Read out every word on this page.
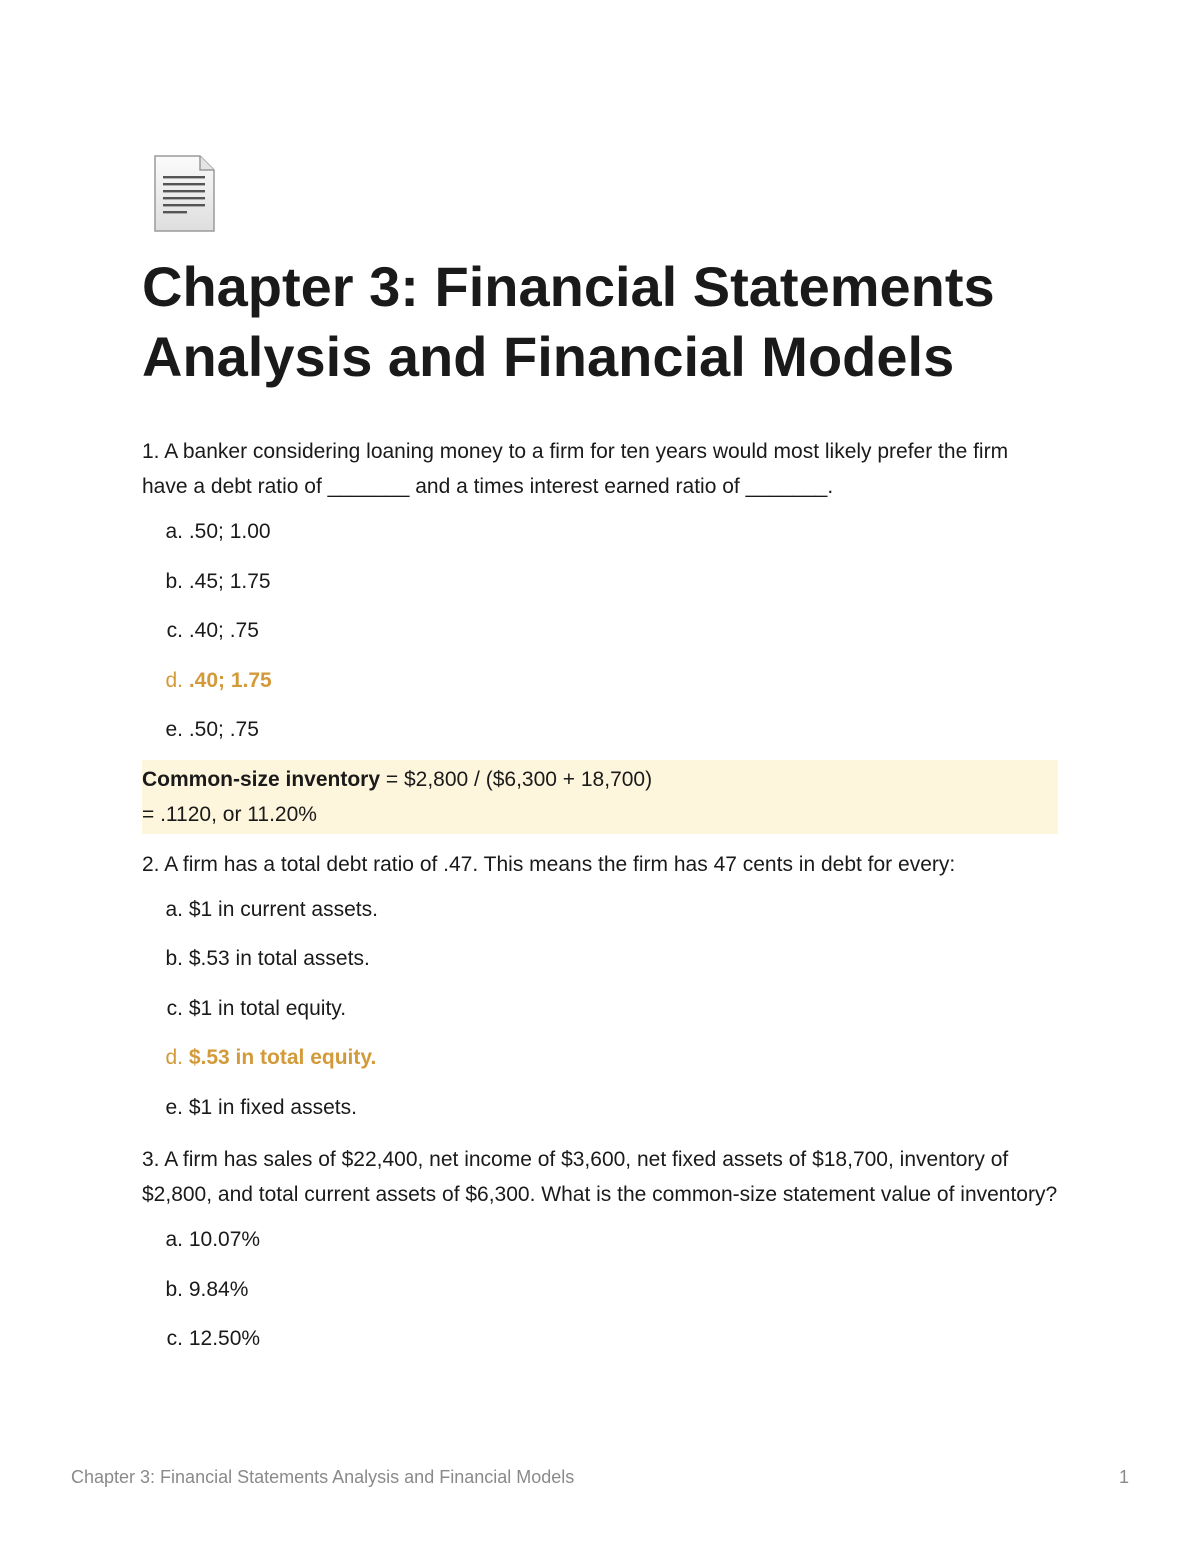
Chapter 3: Financial Statements Analysis and Financial Models

1. A banker considering loaning money to a firm for ten years would most likely prefer the firm have a debt ratio of _______ and a times interest earned ratio of _______.

a.
.50; 1.00
b.
.45; 1.75
c.
.40; .75
d.
.40; 1.75
e.
.50; .75
Common-size inventory = $2,800 / ($6,300 + 18,700)
= .1120, or 11.20%

2. A firm has a total debt ratio of .47. This means the firm has 47 cents in debt for every:

a.
$1 in current assets.
b.
$.53 in total assets.
c.
$1 in total equity.
d.
$.53 in total equity.
e.
$1 in fixed assets.

3. A firm has sales of $22,400, net income of $3,600, net fixed assets of $18,700, inventory of $2,800, and total current assets of $6,300. What is the common-size statement value of inventory?

a.
10.07%
b.
9.84%
c.
12.50%
Chapter 3: Financial Statements Analysis and Financial Models	1
